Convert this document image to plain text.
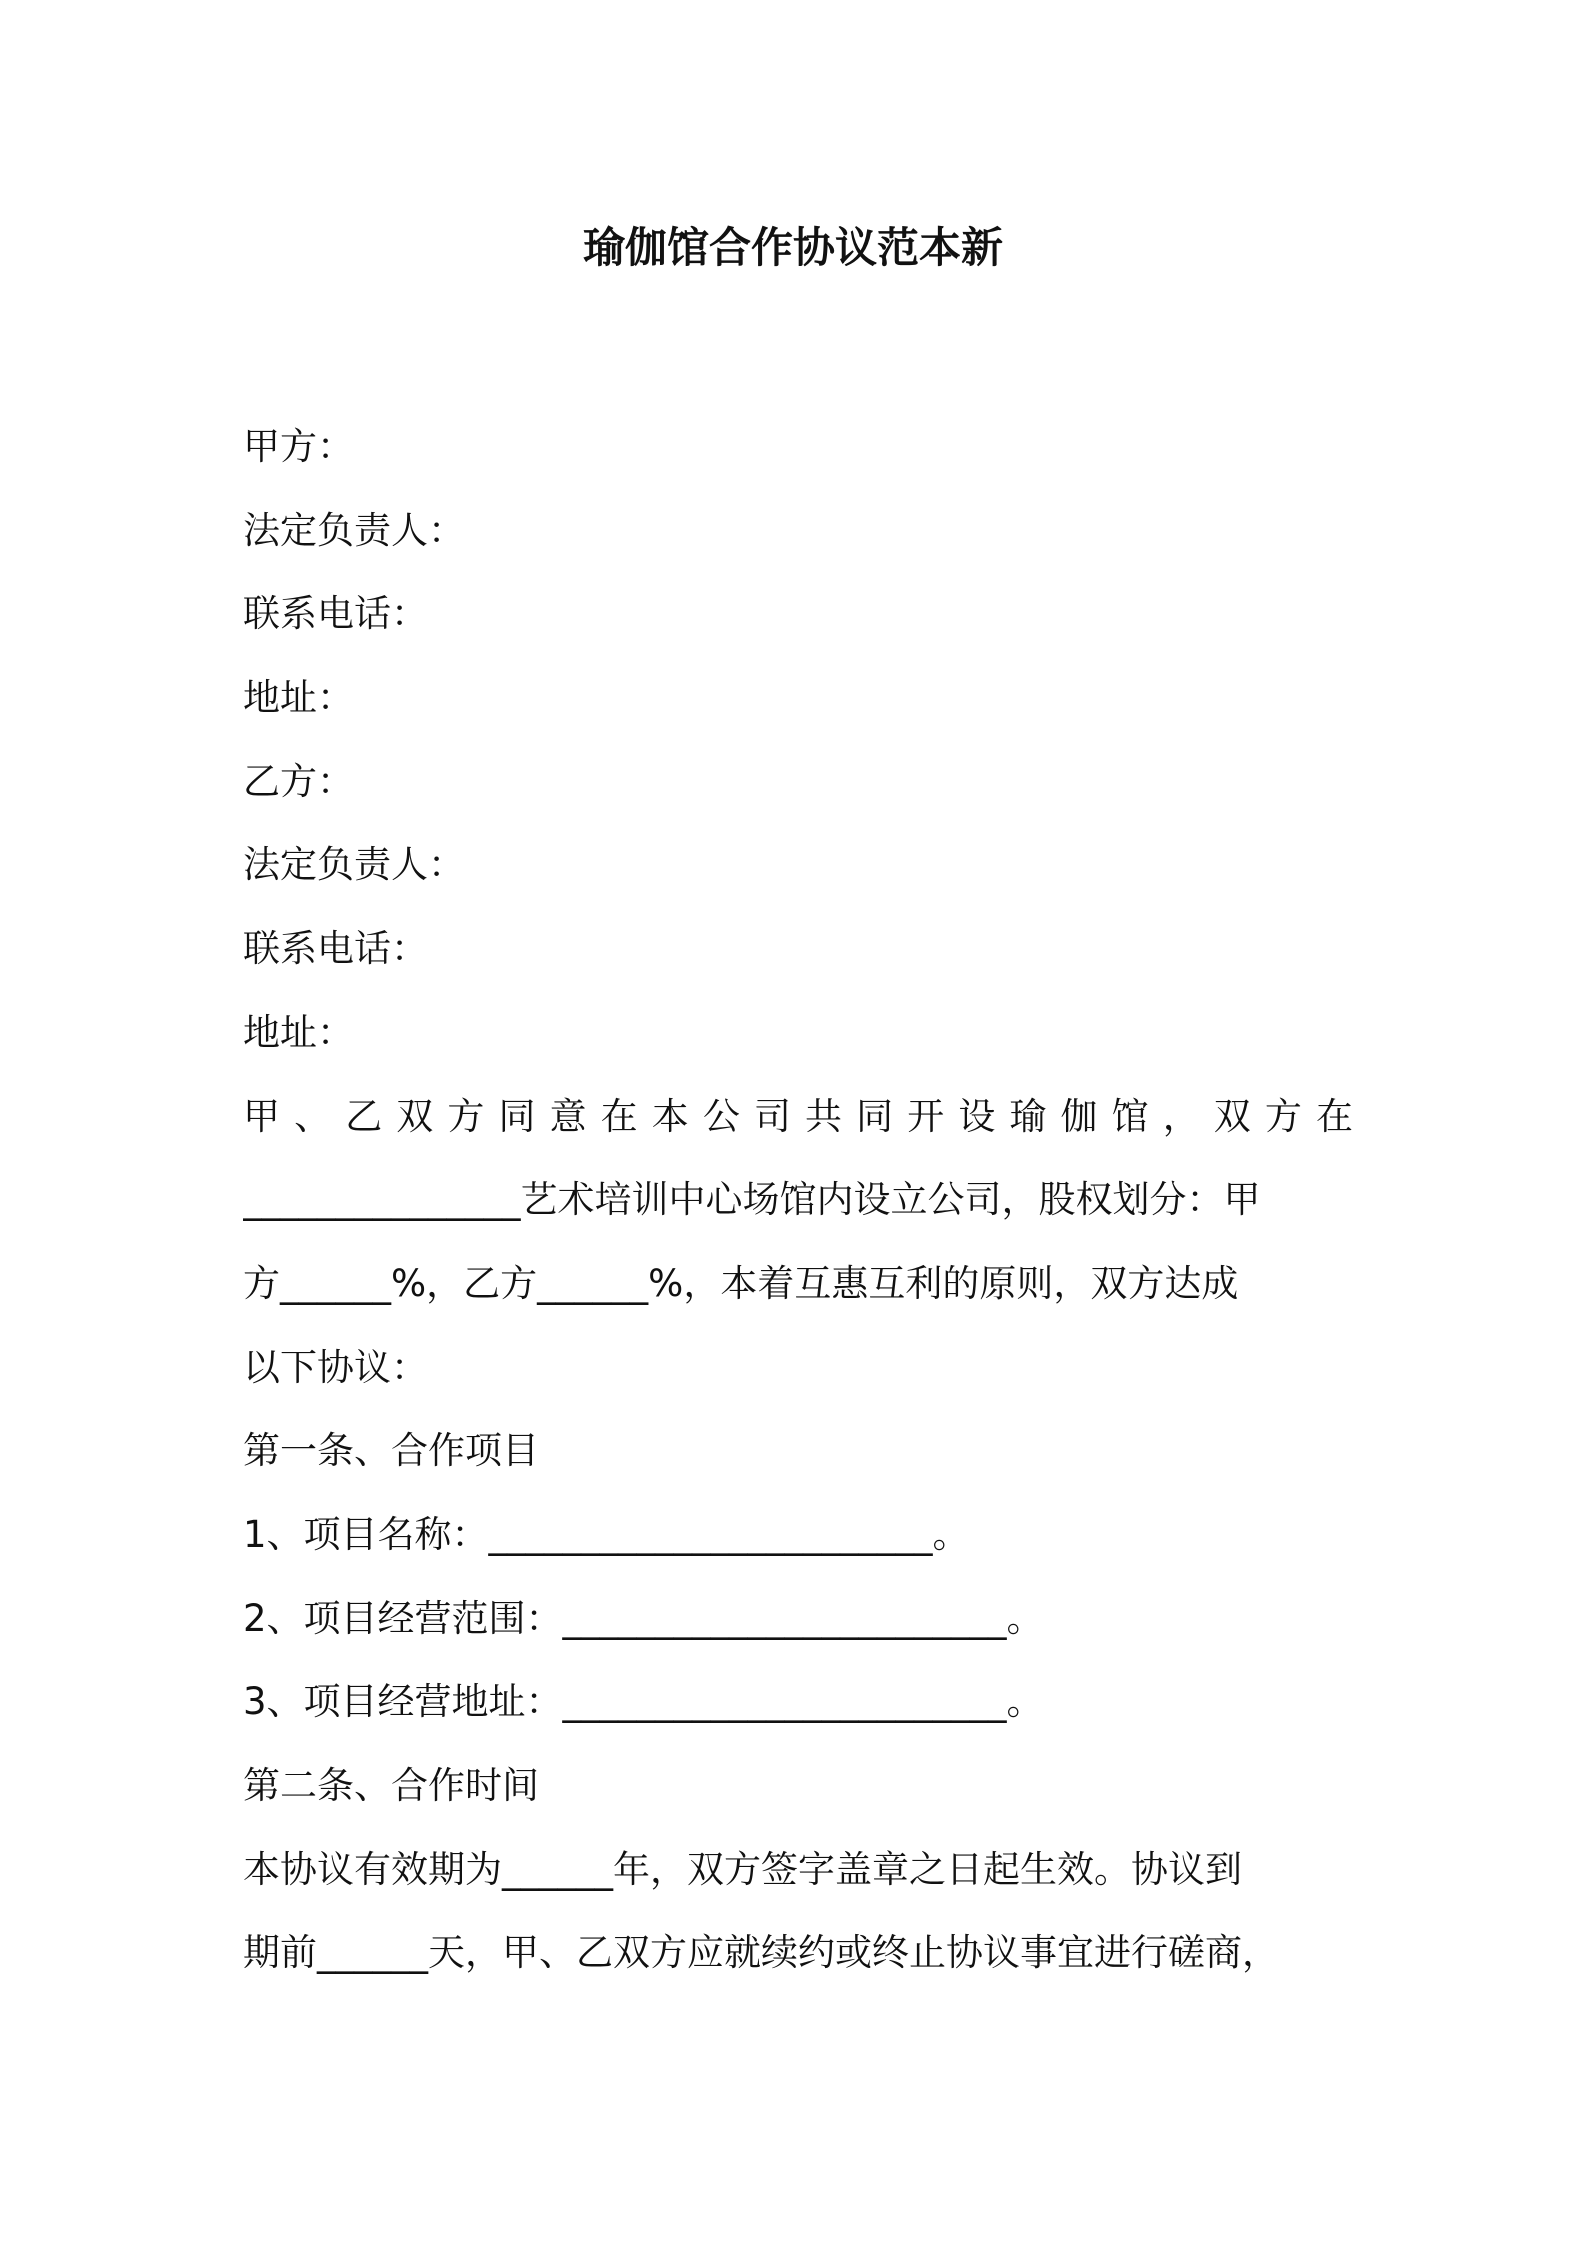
瑜伽馆合作协议范本新
甲方：
法定负责人：
联系电话：
地址：
乙方：
法定负责人：
联系电话：
地址：
甲、乙双方同意在本公司共同开设瑜伽馆，双方在
_______________艺术培训中心场馆内设立公司，股权划分：甲
方______%，乙方______%，本着互惠互利的原则，双方达成
以下协议：
第一条、合作项目
1、项目名称：________________________。
2、项目经营范围：________________________。
3、项目经营地址：________________________。
第二条、合作时间
本协议有效期为______年，双方签字盖章之日起生效。协议到
期前______天，甲、乙双方应就续约或终止协议事宜进行磋商，
